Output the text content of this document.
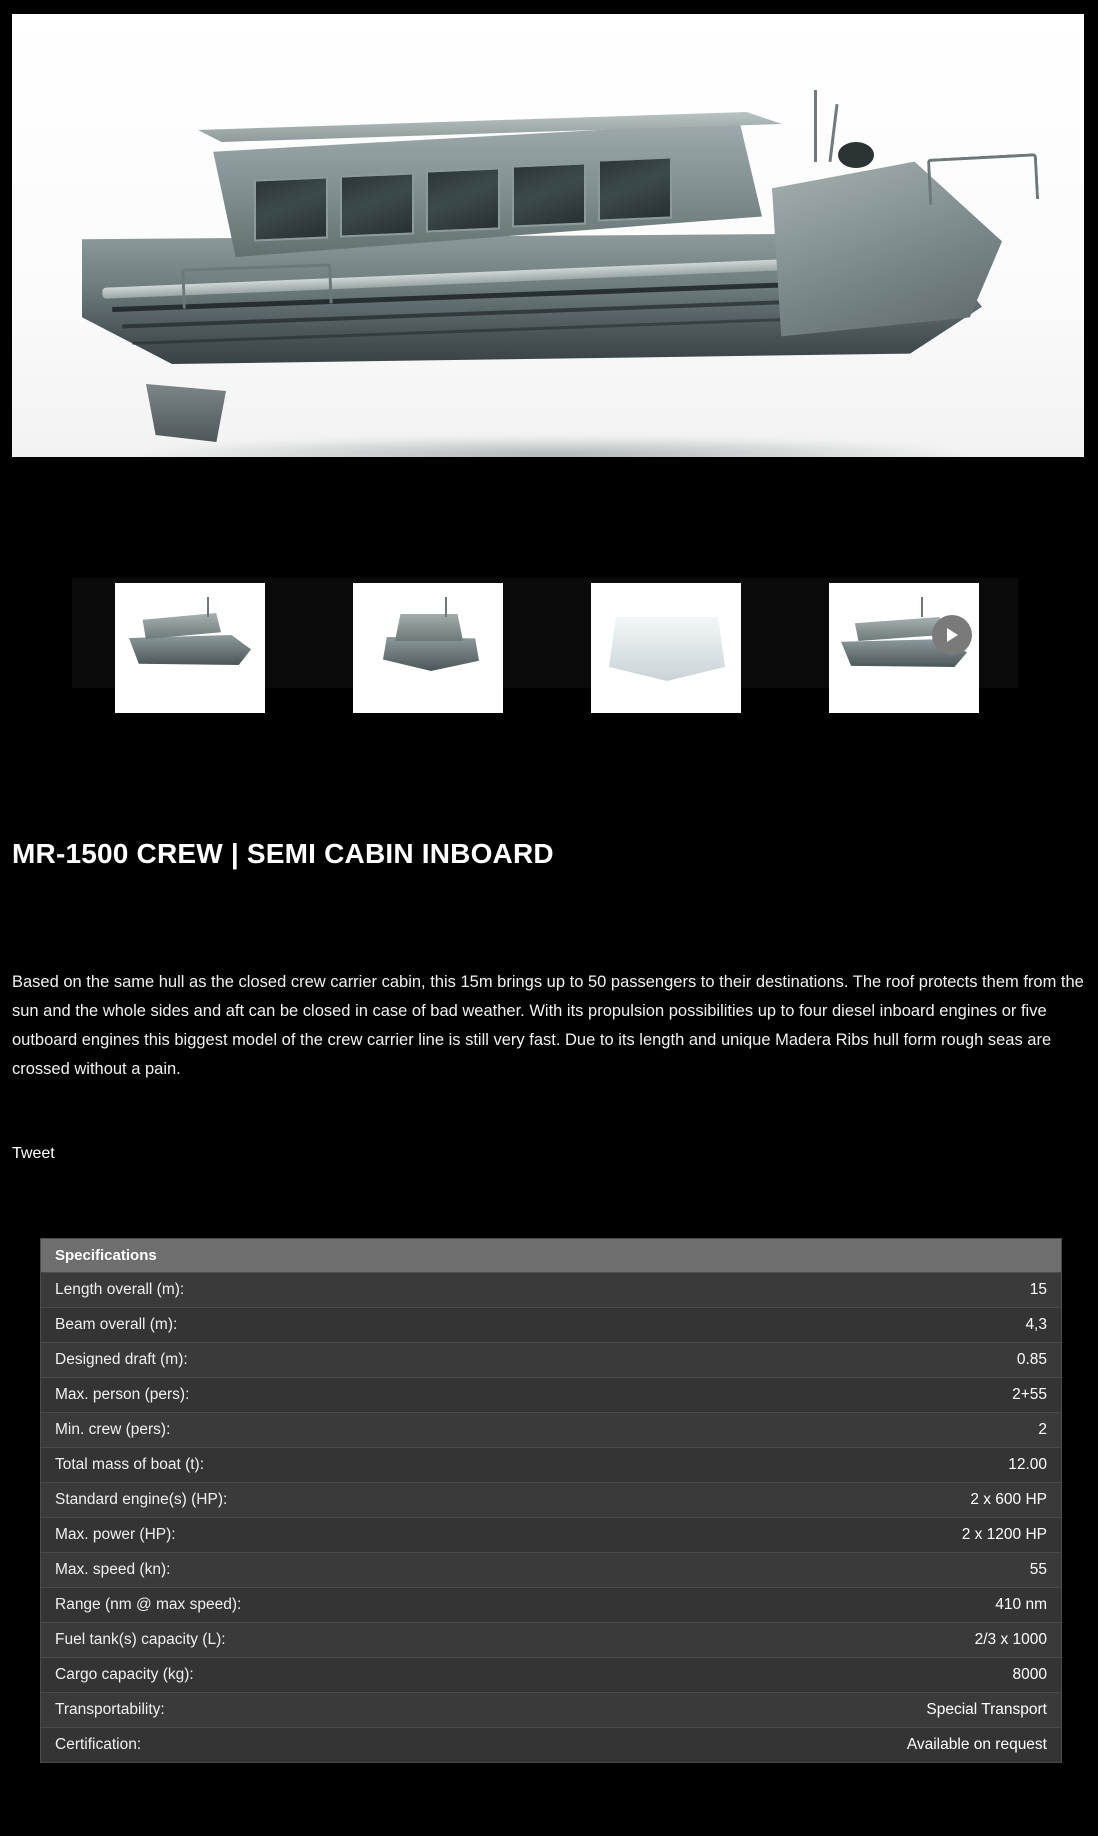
MR-1500 CREW | SEMI CABIN INBOARD
Based on the same hull as the closed crew carrier cabin, this 15m brings up to 50 passengers to their destinations. The roof protects them from the sun and the whole sides and aft can be closed in case of bad weather. With its propulsion possibilities up to four diesel inboard engines or five outboard engines this biggest model of the crew carrier line is still very fast. Due to its length and unique Madera Ribs hull form rough seas are crossed without a pain.
Tweet
Specifications
Length overall (m):	15
Beam overall (m):	4,3
Designed draft (m):	0.85
Max. person (pers):	2+55
Min. crew (pers):	2
Total mass of boat (t):	12.00
Standard engine(s) (HP):	2 x 600 HP
Max. power (HP):	2 x 1200 HP
Max. speed (kn):	55
Range (nm @ max speed):	410 nm
Fuel tank(s) capacity (L):	2/3 x 1000
Cargo capacity (kg):	8000
Transportability:	Special Transport
Certification:	Available on request
